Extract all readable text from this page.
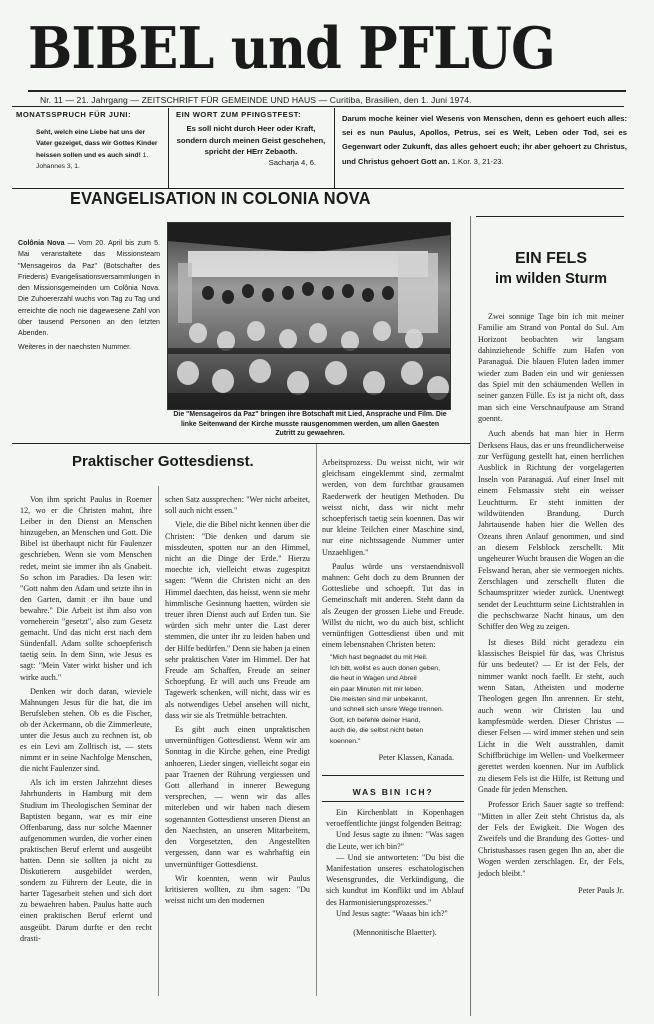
BIBEL und PFLUG
Nr. 11 — 21. Jahrgang — ZEITSCHRIFT FÜR GEMEINDE UND HAUS — Curitiba, Brasilien, den 1. Juni 1974.
MONATSSPRUCH FÜR JUNI:
Seht, welch eine Liebe hat uns der Vater gezeiget, dass wir Gottes Kinder heissen sollen und es auch sind! 1. Johannes 3, 1.
EIN WORT ZUM PFINGSTFEST:
Es soll nicht durch Heer oder Kraft, sondern durch meinen Geist geschehen, spricht der HErr Zebaoth.
Sacharja 4, 6.
Darum moche keiner viel Wesens von Menschen, denn es gehoert euch alles: sei es nun Paulus, Apollos, Petrus, sei es Welt, Leben oder Tod, sei es Gegenwart oder Zukunft, das alles gehoert euch; ihr aber gehoert zu Christus, und Christus gehoert Gott an. 1.Kor. 3, 21-23.
EVANGELISATION IN COLONIA NOVA
Colônia Nova — Vom 20. April bis zum 5. Mai veranstaltete das Missionsteam "Mensageiros da Paz" (Botschafter des Friedens) Evangelisationsversammlungen in den Missionsgemeinden um Colônia Nova. Die Zuhoererzahl wuchs von Tag zu Tag und erreichte die noch nie dagewesene Zahl von über tausend Personen an den letzten Abenden.
Weiteres in der naechsten Nummer.
Die "Mensageiros da Paz" bringen ihre Botschaft mit Lied, Ansprache und Film. Die linke Seitenwand der Kirche musste rausgenommen werden, um allen Gaesten Zutritt zu gewaehren.
EIN FELS
im wilden Sturm

Zwei sonnige Tage bin ich mit meiner Familie am Strand von Pontal do Sul. Am Horizont beobachten wir langsam dahinziehende Schiffe zum Hafen von Paranaguá. Die blauen Fluten laden immer wieder zum Baden ein und wir geniessen das Spiel mit den schäumenden Wellen in seiner ganzen Fülle. Es ist ja nicht oft, dass man sich eine Verschnaufpause am Strand goennt.

Auch abends hat man hier in Herrn Derksens Haus, das er uns freundlicherweise zur Verfügung gestellt hat, einen herrlichen Ausblick in Richtung der vorgelagerten Inseln von Paranaguá. Auf einer Insel mit einem Felsmassiv steht ein weisser Leuchtturm. Er steht inmitten der wildwütenden Brandung. Durch Jahrtausende haben hier die Wellen des Ozeans ihren Anlauf genommen, und sind an diesem Felsblock zerschellt. Mit ungeheurer Wucht brausen die Wogen an die Felswand heran, aber sie vermoegen nichts. Zerschlagen und zerschellt fluten die Schaumspritzer wieder zurück. Unentwegt sendet der Leuchtturm seine Lichtstrahlen in die pechschwarze Nacht hinaus, um den Schiffer den Weg zu zeigen.

Ist dieses Bild nicht geradezu ein klassisches Beispiel für das, was Christus für uns bedeutet? — Er ist der Fels, der nimmer wankt noch faellt. Er steht, auch wenn Satan, Atheisten und moderne Theologen gegen Ihn anrennen. Er steht, auch wenn wir Christen lau und kampfesmüde werden. Dieser Christus — dieser Felsen — wird immer stehen und sein Licht in die Welt ausstrahlen, damit Schiffbrüchige im Wellen- und Voelkermeer gerettet werden koennen. Nur im Aufblick zu diesem Fels ist die Hilfe, ist Rettung und Gnade für jeden Menschen.

Professor Erich Sauer sagte so treffend: "Mitten in aller Zeit steht Christus da, als der Fels der Ewigkeit. Die Wogen des Zweifels und die Brandung des Gottes- und Christushasses rasen gegen Ihn an, aber die Wogen werden zerschlagen. Er, der Fels, jedoch bleibt."

Peter Pauls Jr.

Praktischer Gottesdienst.

Von ihm spricht Paulus in Roemer 12, wo er die Christen mahnt, ihre Leiber in den Dienst an Menschen hinzugeben, an Menschen und Gott. Die Bibel ist überhaupt nicht für Faulenzer geschrieben. Wenn sie vom Menschen redet, meint sie immer ihn als Gnabeit. So schon im Paradies. Da lesen wir: "Gott nahm den Adam und setzte ihn in den Garten, damit er ihn baue und bewahre." Die Arbeit ist ihm also von vorneherein "gesetzt", also zum Gesetz gemacht. Und das nicht erst nach dem Sündenfall. Adam sollte schoepferisch taetig sein. In dem Sinn, wie Jesus es sagt: "Mein Vater wirkt bisher und ich wirke auch."

Denken wir doch daran, wieviele Mahnungen Jesus für die hat, die im Berufsleben stehen. Ob es die Fischer, ob der Ackermann, ob die Zimmerleute, unter die Jesus auch zu rechnen ist, ob es ein Levi am Zolltisch ist, — stets nimmt er in seine Nachfolge Menschen, die nicht Faulenzer sind.

Als ich im ersten Jahrzehnt dieses Jahrhunderts in Hamburg mit dem Studium im Theologischen Seminar der Baptisten begann, war es mir eine Offenbarung, dass nur solche Maenner aufgenommen wurden, die vorher einen praktischen Beruf erlernt und ausgeübt hatten. Denn sie sollten ja nicht zu Diskutierern ausgebildet werden, sondern zu Führern der Leute, die in harter Tagesarbeit stehen und sich dort zu bewaehren haben. Paulus hatte auch einen praktischen Beruf erlernt und ausgeübt. Darum durfte er den recht drasti-

schen Satz aussprechen: "Wer nicht arbeitet, soll auch nicht essen."

Viele, die die Bibel nicht kennen über die Christen: "Die denken und darum sie missdeuten, spotten nur an den Himmel, nicht an die Dinge der Erde." Hierzu moechte ich, vielleicht etwas zugespitzt sagen: "Wenn die Christen nicht an den Himmel daechten, das heisst, wenn sie mehr himmlische Gesinnung haetten, würden sie treuer ihren Dienst auch auf Erden tun. Sie würden sich mehr unter die Last derer stemmen, die unter ihr zu leiden haben und der Hilfe bedürfen." Denn sie haben ja einen sehr praktischen Vater im Himmel. Der hat Freude am Schaffen, Freude an seiner Schoepfung. Er will auch uns Freude am Tagewerk schenken, will nicht, dass wir es als notwendiges Uebel ansehen will nicht, dass wir sie als Tretmühle betrachten.

Es gibt auch einen unpraktischen unvernünftigen Gottesdienst. Wenn wir am Sonntag in die Kirche gehen, eine Predigt anhoeren, Lieder singen, vielleicht sogar ein paar Traenen der Rührung vergiessen und Gott allerhand in innerer Bewegung versprechen, — wenn wir das alles miterleben und wir haben nach diesem sogenannten Gottesdienst unseren Dienst an den Naechsten, an unseren Mitarbeitern, den Vorgesetzten, den Angestellten vergessen, dann war es wahrhaftig ein unvernünftiger Gottesdienst.

Wir koennten, wenn wir Paulus kritisieren wollten, zu ihm sagen: "Du weisst nicht um den modernen

Arbeitsprozess. Du weisst nicht, wir wir gleichsam eingeklemmt sind, zermalmt werden, von dem furchtbar grausamen Raederwerk der heutigen Methoden. Du weisst nicht, dass wir nicht mehr schoepferisch taetig sein koennen. Das wir nur kleine Teilchen einer Maschine sind, nur eine nichtssagende Nummer unter Unzaehligen."

Paulus würde uns verstaendnisvoll mahnen: Geht doch zu dem Brunnen der Gottesliebe und schoepft. Tut das in Gemeinschaft mit anderen. Steht dann da als Zeugen der grossen Liebe und Freude. Willst du nicht, wo du auch bist, schlicht vernünftigen Gottesdienst üben und mit einem lebensnahen Christen beten:

"Mich hast begnadet du mit Heil.

Ich bitt, wollst es auch donen geben,

die heut in Wagen und Abreil

ein paar Minuten mit mir leben.

Die meisten sind mir unbekannt,

und schnell sich unsre Wege trennen.

Gott, ich befehle deiner Hand,

auch die, die selbst nicht beten

koennen."

Peter Klassen, Kanada.

WAS BIN ICH?

Ein Kirchenblatt in Kopenhagen veroeffentlichte jüngst folgenden Beitrag:

Und Jesus sagte zu ihnen: "Was sagen die Leute, wer ich bin?"

— Und sie antworteten: "Du bist die Manifestation unseres eschatologischen Wesensgrundes, die Verkündigung, die sich kundtut im Konflikt und im Ablauf des Harmonisierungsprozesses."

Und Jesus sagte: "Waaas bin ich?"

(Mennonitische Blaetter).
